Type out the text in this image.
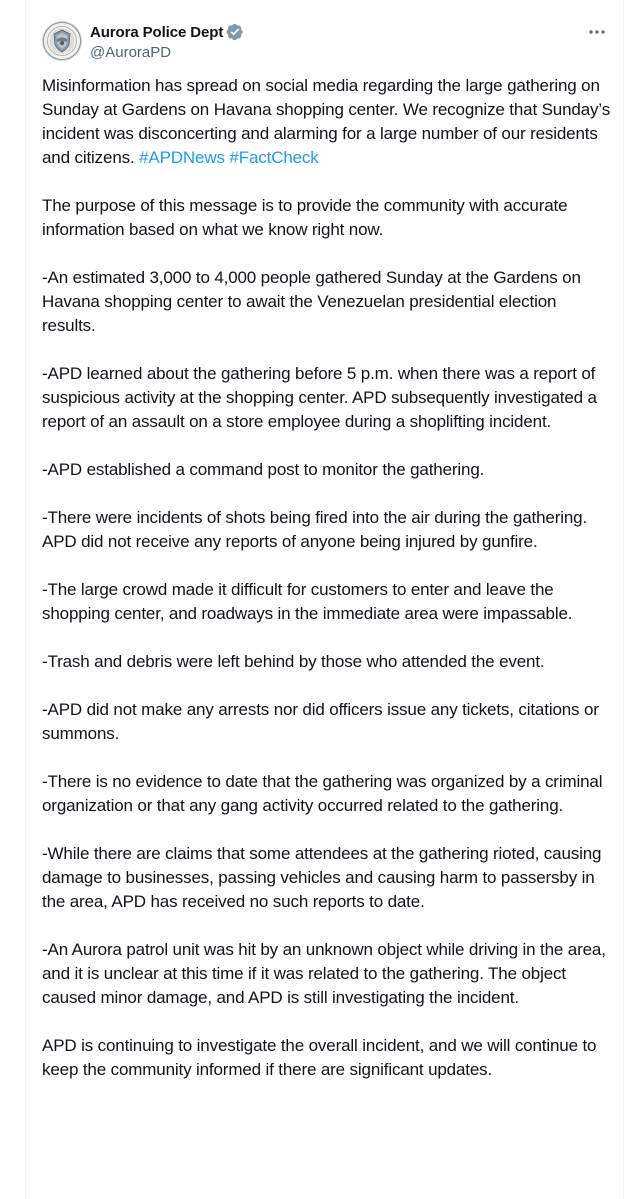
Aurora Police Dept
@AuroraPD

Misinformation has spread on social media regarding the large gathering on Sunday at Gardens on Havana shopping center. We recognize that Sunday’s incident was disconcerting and alarming for a large number of our residents and citizens. #APDNews #FactCheck

The purpose of this message is to provide the community with accurate information based on what we know right now.

-An estimated 3,000 to 4,000 people gathered Sunday at the Gardens on Havana shopping center to await the Venezuelan presidential election results.

-APD learned about the gathering before 5 p.m. when there was a report of suspicious activity at the shopping center. APD subsequently investigated a report of an assault on a store employee during a shoplifting incident.

-APD established a command post to monitor the gathering.

-There were incidents of shots being fired into the air during the gathering. APD did not receive any reports of anyone being injured by gunfire.

-The large crowd made it difficult for customers to enter and leave the shopping center, and roadways in the immediate area were impassable.

-Trash and debris were left behind by those who attended the event.

-APD did not make any arrests nor did officers issue any tickets, citations or summons.

-There is no evidence to date that the gathering was organized by a criminal organization or that any gang activity occurred related to the gathering.

-While there are claims that some attendees at the gathering rioted, causing damage to businesses, passing vehicles and causing harm to passersby in the area, APD has received no such reports to date.

-An Aurora patrol unit was hit by an unknown object while driving in the area, and it is unclear at this time if it was related to the gathering. The object caused minor damage, and APD is still investigating the incident.

APD is continuing to investigate the overall incident, and we will continue to keep the community informed if there are significant updates.
